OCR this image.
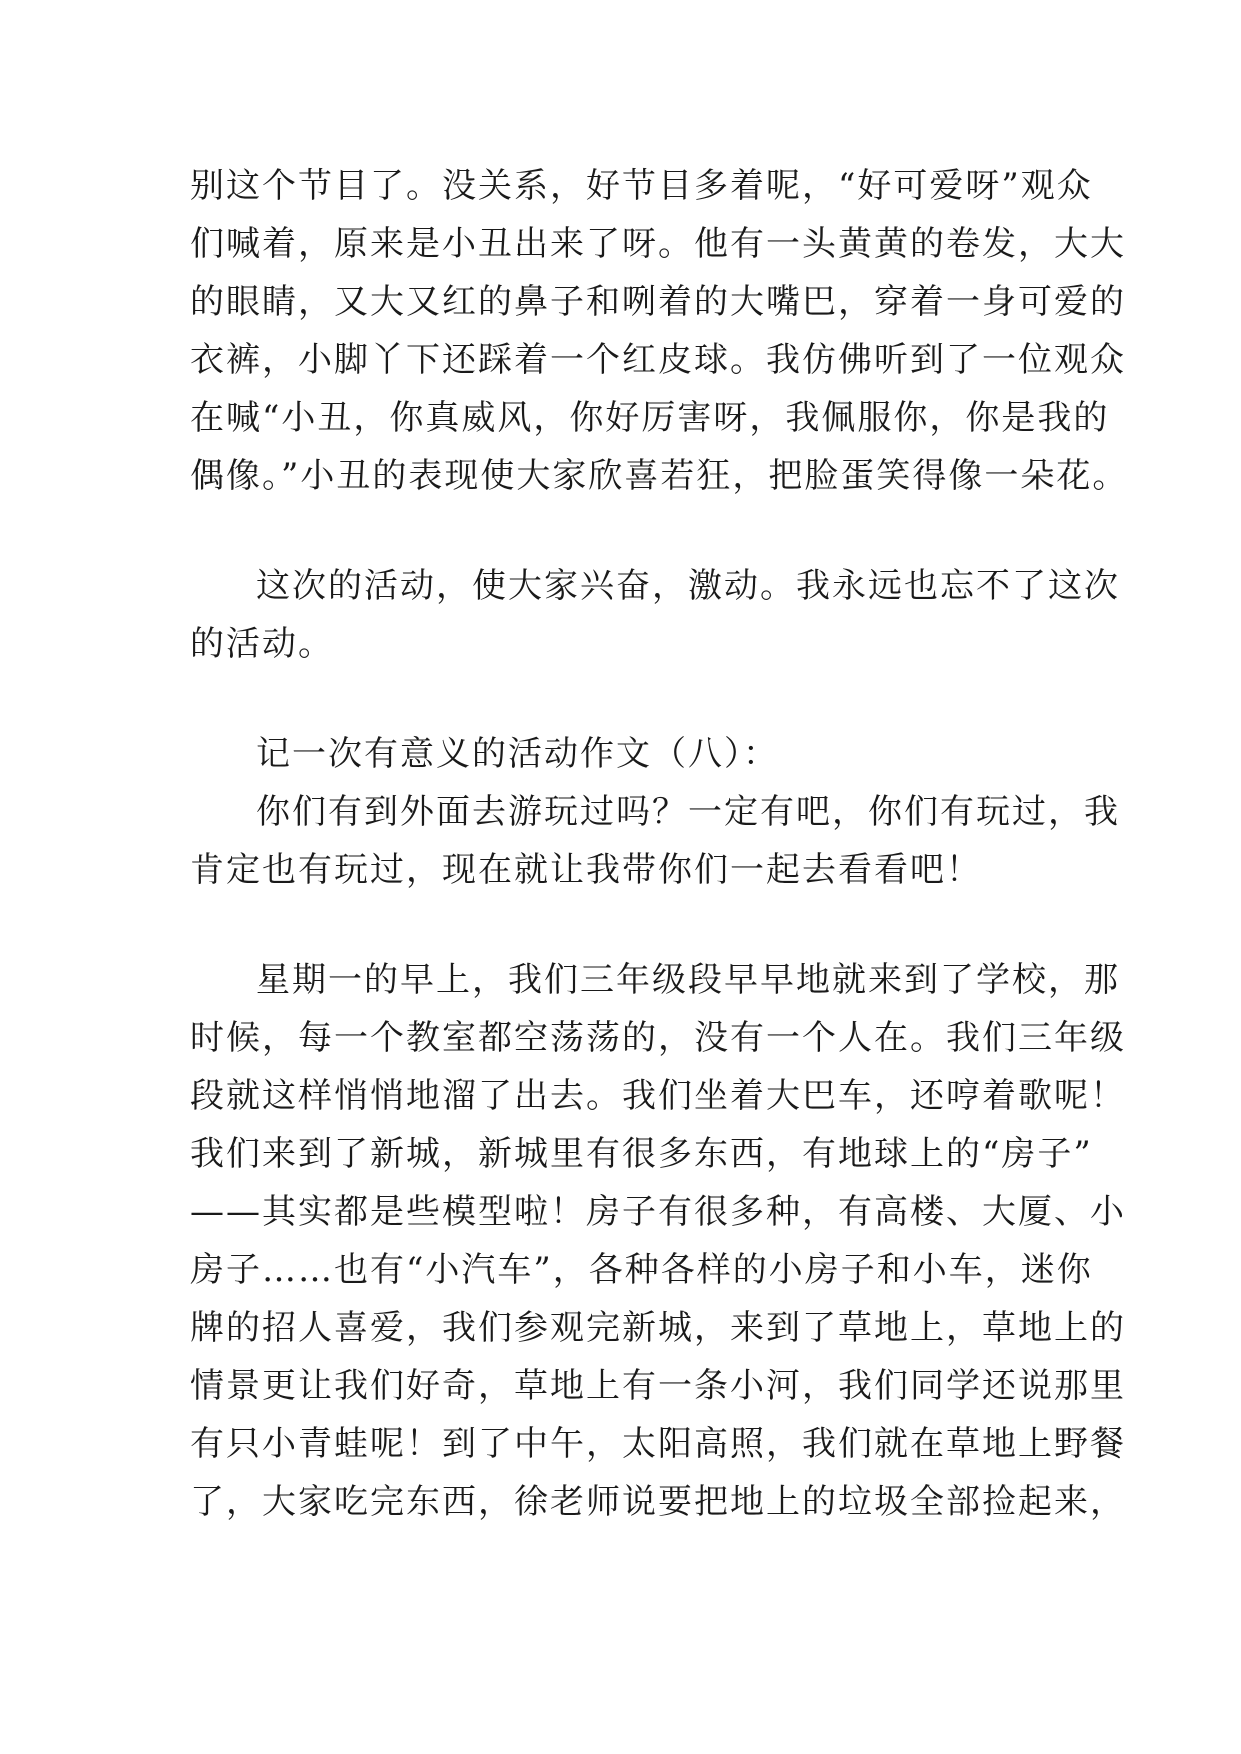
别这个节目了。没关系，好节目多着呢，“好可爱呀”观众
们喊着，原来是小丑出来了呀。他有一头黄黄的卷发，大大
的眼睛，又大又红的鼻子和咧着的大嘴巴，穿着一身可爱的
衣裤，小脚丫下还踩着一个红皮球。我仿佛听到了一位观众
在喊“小丑，你真威风，你好厉害呀，我佩服你，你是我的
偶像。”小丑的表现使大家欣喜若狂，把脸蛋笑得像一朵花。
这次的活动，使大家兴奋，激动。我永远也忘不了这次
的活动。
记一次有意义的活动作文（八）：
你们有到外面去游玩过吗？一定有吧，你们有玩过，我
肯定也有玩过，现在就让我带你们一起去看看吧！
星期一的早上，我们三年级段早早地就来到了学校，那
时候，每一个教室都空荡荡的，没有一个人在。我们三年级
段就这样悄悄地溜了出去。我们坐着大巴车，还哼着歌呢！
我们来到了新城，新城里有很多东西，有地球上的“房子”
——其实都是些模型啦！房子有很多种，有高楼、大厦、小
房子……也有“小汽车”，各种各样的小房子和小车，迷你
牌的招人喜爱，我们参观完新城，来到了草地上，草地上的
情景更让我们好奇，草地上有一条小河，我们同学还说那里
有只小青蛙呢！到了中午，太阳高照，我们就在草地上野餐
了，大家吃完东西，徐老师说要把地上的垃圾全部捡起来，
